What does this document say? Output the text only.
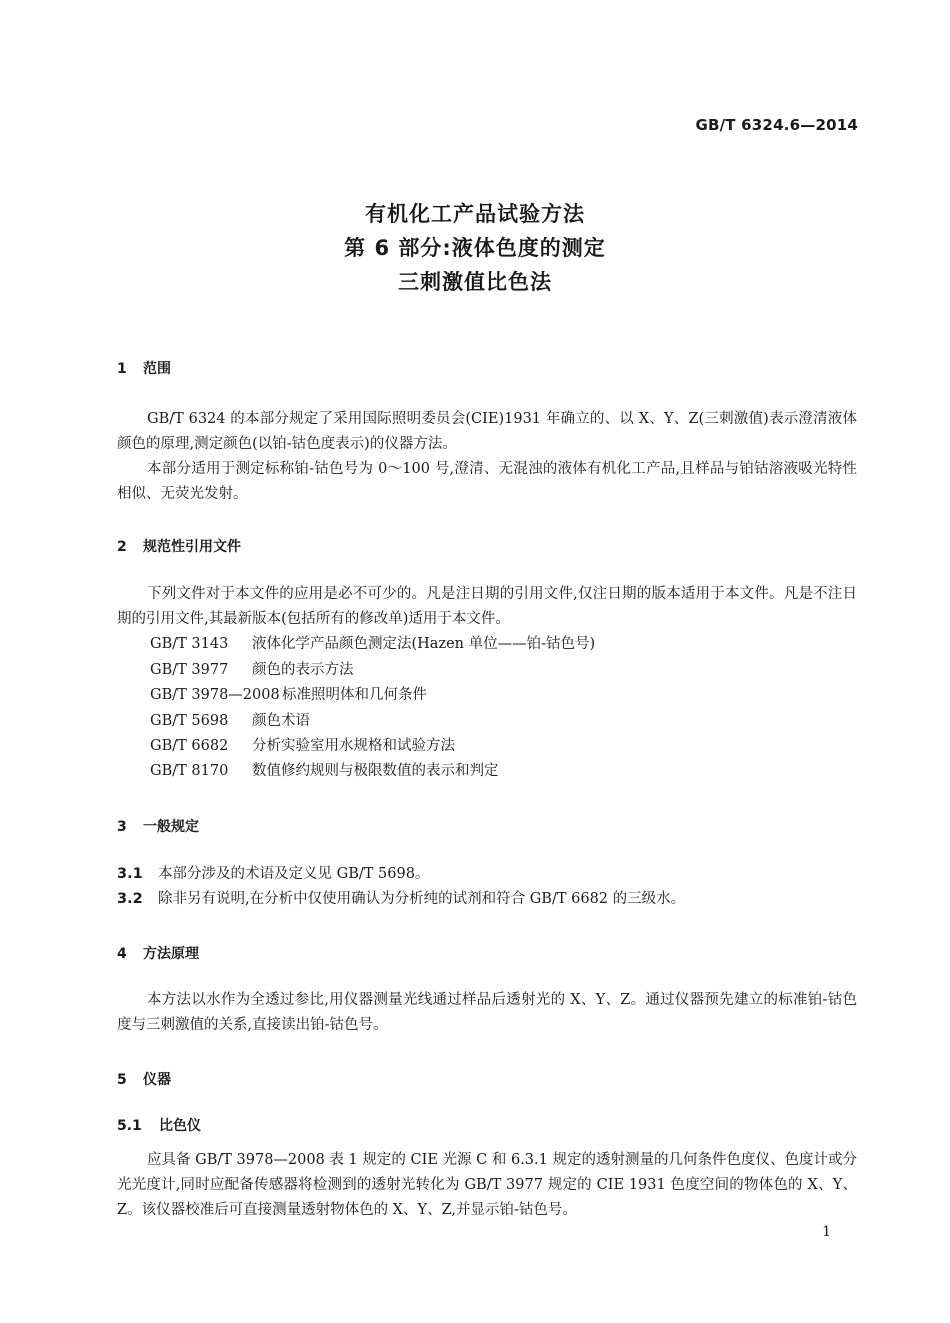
GB/T 6324.6—2014
有机化工产品试验方法
第 6 部分:液体色度的测定
三刺激值比色法
1 范围
GB/T 6324 的本部分规定了采用国际照明委员会(CIE)1931 年确立的、以 X、Y、Z(三刺激值)表示澄清液体颜色的原理,测定颜色(以铂-钴色度表示)的仪器方法。
本部分适用于测定标称铂-钴色号为 0～100 号,澄清、无混浊的液体有机化工产品,且样品与铂钴溶液吸光特性相似、无荧光发射。
2 规范性引用文件
下列文件对于本文件的应用是必不可少的。凡是注日期的引用文件,仅注日期的版本适用于本文件。凡是不注日期的引用文件,其最新版本(包括所有的修改单)适用于本文件。
GB/T 3143 液体化学产品颜色测定法(Hazen 单位——铂-钴色号)
GB/T 3977 颜色的表示方法
GB/T 3978—2008 标准照明体和几何条件
GB/T 5698 颜色术语
GB/T 6682 分析实验室用水规格和试验方法
GB/T 8170 数值修约规则与极限数值的表示和判定
3 一般规定
3.1 本部分涉及的术语及定义见 GB/T 5698。
3.2 除非另有说明,在分析中仅使用确认为分析纯的试剂和符合 GB/T 6682 的三级水。
4 方法原理
本方法以水作为全透过参比,用仪器测量光线通过样品后透射光的 X、Y、Z。通过仪器预先建立的标准铂-钴色度与三刺激值的关系,直接读出铂-钴色号。
5 仪器
5.1 比色仪
应具备 GB/T 3978—2008 表 1 规定的 CIE 光源 C 和 6.3.1 规定的透射测量的几何条件色度仪、色度计或分光光度计,同时应配备传感器将检测到的透射光转化为 GB/T 3977 规定的 CIE 1931 色度空间的物体色的 X、Y、Z。该仪器校准后可直接测量透射物体色的 X、Y、Z,并显示铂-钴色号。
1
